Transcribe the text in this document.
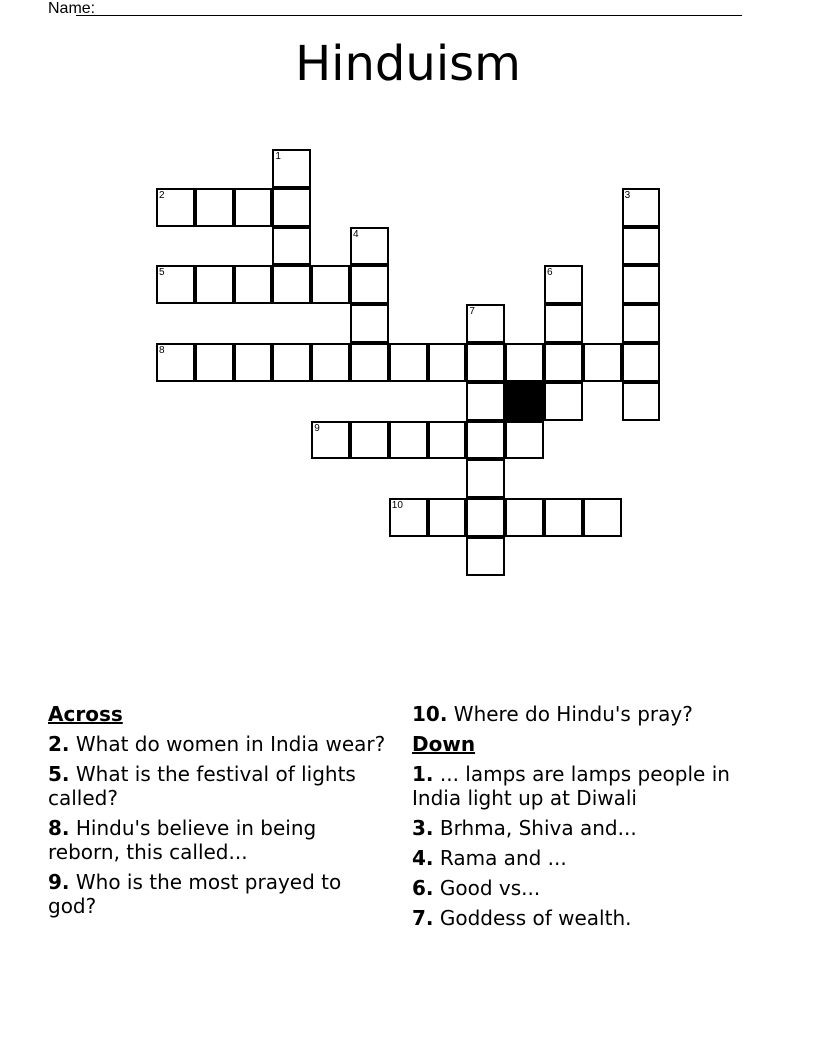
Name:
Hinduism
1
2	3
4
5	6
7
8
9
10
Across
2. What do women in India wear?
5. What is the festival of lights called?
8. Hindu's believe in being reborn, this called...
9. Who is the most prayed to god?
10. Where do Hindu's pray?
Down
1. ... lamps are lamps people in India light up at Diwali
3. Brhma, Shiva and...
4. Rama and ...
6. Good vs...
7. Goddess of wealth.
